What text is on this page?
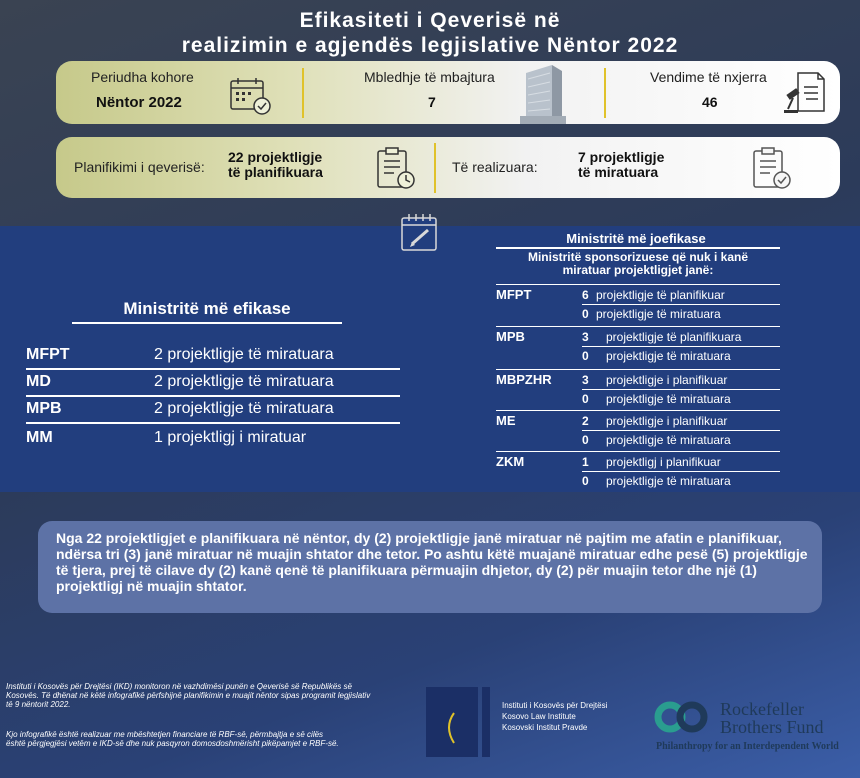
Efikasiteti i Qeverisë në
realizimin e agjendës legjislative Nëntor 2022
Periudha kohore
Nëntor 2022
Mbledhje të mbajtura
7
Vendime të nxjerra
46
Planifikimi i qeverisë:
22 projektligje
të planifikuara	Të realizuara:
7 projektligje
të miratuara
Ministritë më efikase
MFPT	2 projektligje të miratuara
MD	2 projektligje të miratuara
MPB	2 projektligje të miratuara
MM	1 projektligj i miratuar
Ministritë më joefikase
Ministritë sponsorizuese që nuk i kanë
miratuar projektligjet janë:
MFPT	6 projektligje të planifikuar
0 projektligje të miratuara
MPB	3 projektligje të planifikuara
0 projektligje të miratuara
MBPZHR	3 projektligje i planifikuar
0 projektligje të miratuara
ME	2 projektligje i planifikuar
0 projektligje të miratuara
ZKM	1 projektligj i planifikuar
0 projektligje të miratuara

Nga 22 projektligjet e planifikuara në nëntor, dy (2) projektligje janë miratuar në pajtim me afatin e planifikuar, ndërsa tri (3) janë miratuar në muajin shtator dhe tetor. Po ashtu këtë muajanë miratuar edhe pesë (5) projektligje të tjera, prej të cilave dy (2) kanë qenë të planifikuara përmuajin dhjetor, dy (2) për muajin tetor dhe një (1) projektligj në muajin shtator.

Instituti i Kosovës për Drejtësi (IKD) monitoron në vazhdimësi punën e Qeverisë së Republikës së
Kosovës. Të dhënat në këtë infografikë përfshijnë planifikimin e muajit nëntor sipas programit legjislativ
të 9 nëntorit 2022.
Kjo infografikë është realizuar me mbështetjen financiare të RBF-së, përmbajtja e së cilës
është përgjegjësi vetëm e IKD-së dhe nuk pasqyron domosdoshmërisht pikëpamjet e RBF-së.
Instituti i Kosovës për Drejtësi
Kosovo Law Institute
Kosovski Institut Pravde
Rockefeller
Brothers Fund
Philanthropy for an Interdependent World
